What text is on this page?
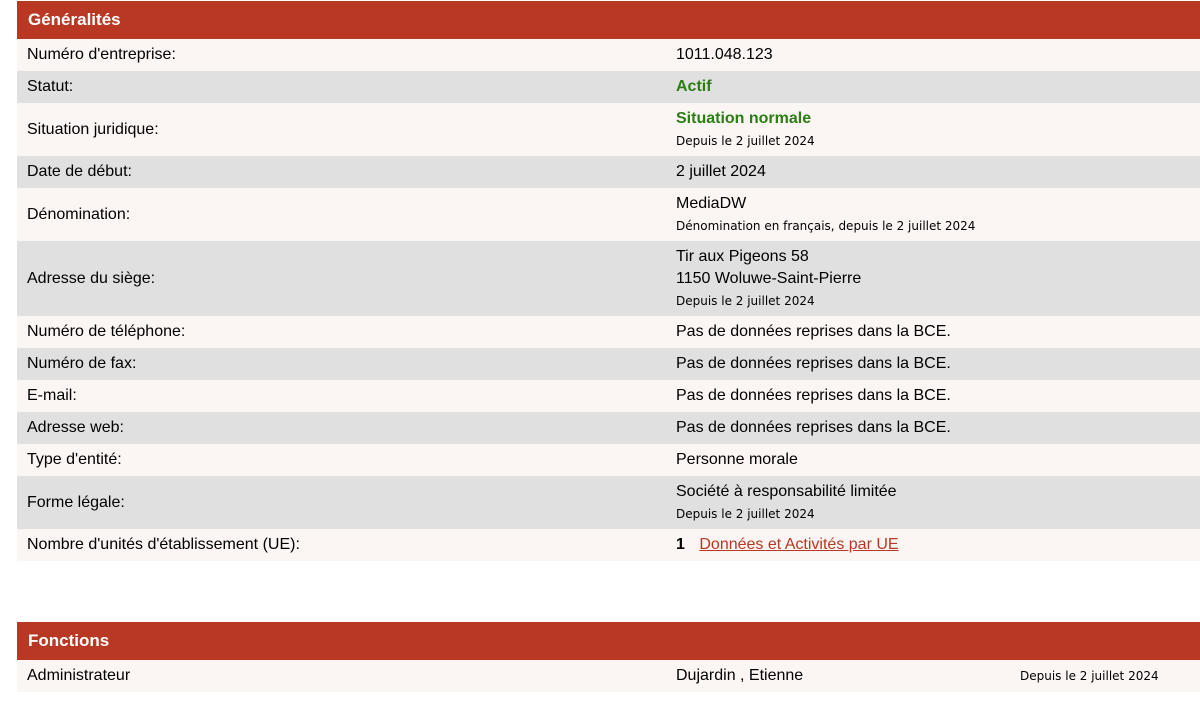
Généralités
Numéro d'entreprise:	1011.048.123
Statut:	Actif
Situation juridique:
Situation normale
Depuis le 2 juillet 2024
Date de début:	2 juillet 2024
Dénomination:
MediaDW
Dénomination en français, depuis le 2 juillet 2024
Adresse du siège:
Tir aux Pigeons 58
1150 Woluwe-Saint-Pierre
Depuis le 2 juillet 2024
Numéro de téléphone:	Pas de données reprises dans la BCE.
Numéro de fax:	Pas de données reprises dans la BCE.
E-mail:	Pas de données reprises dans la BCE.
Adresse web:	Pas de données reprises dans la BCE.
Type d'entité:	Personne morale
Forme légale:
Société à responsabilité limitée
Depuis le 2 juillet 2024
Nombre d'unités d'établissement (UE):	1 Données et Activités par UE
Fonctions
Administrateur	Dujardin , Etienne	Depuis le 2 juillet 2024
